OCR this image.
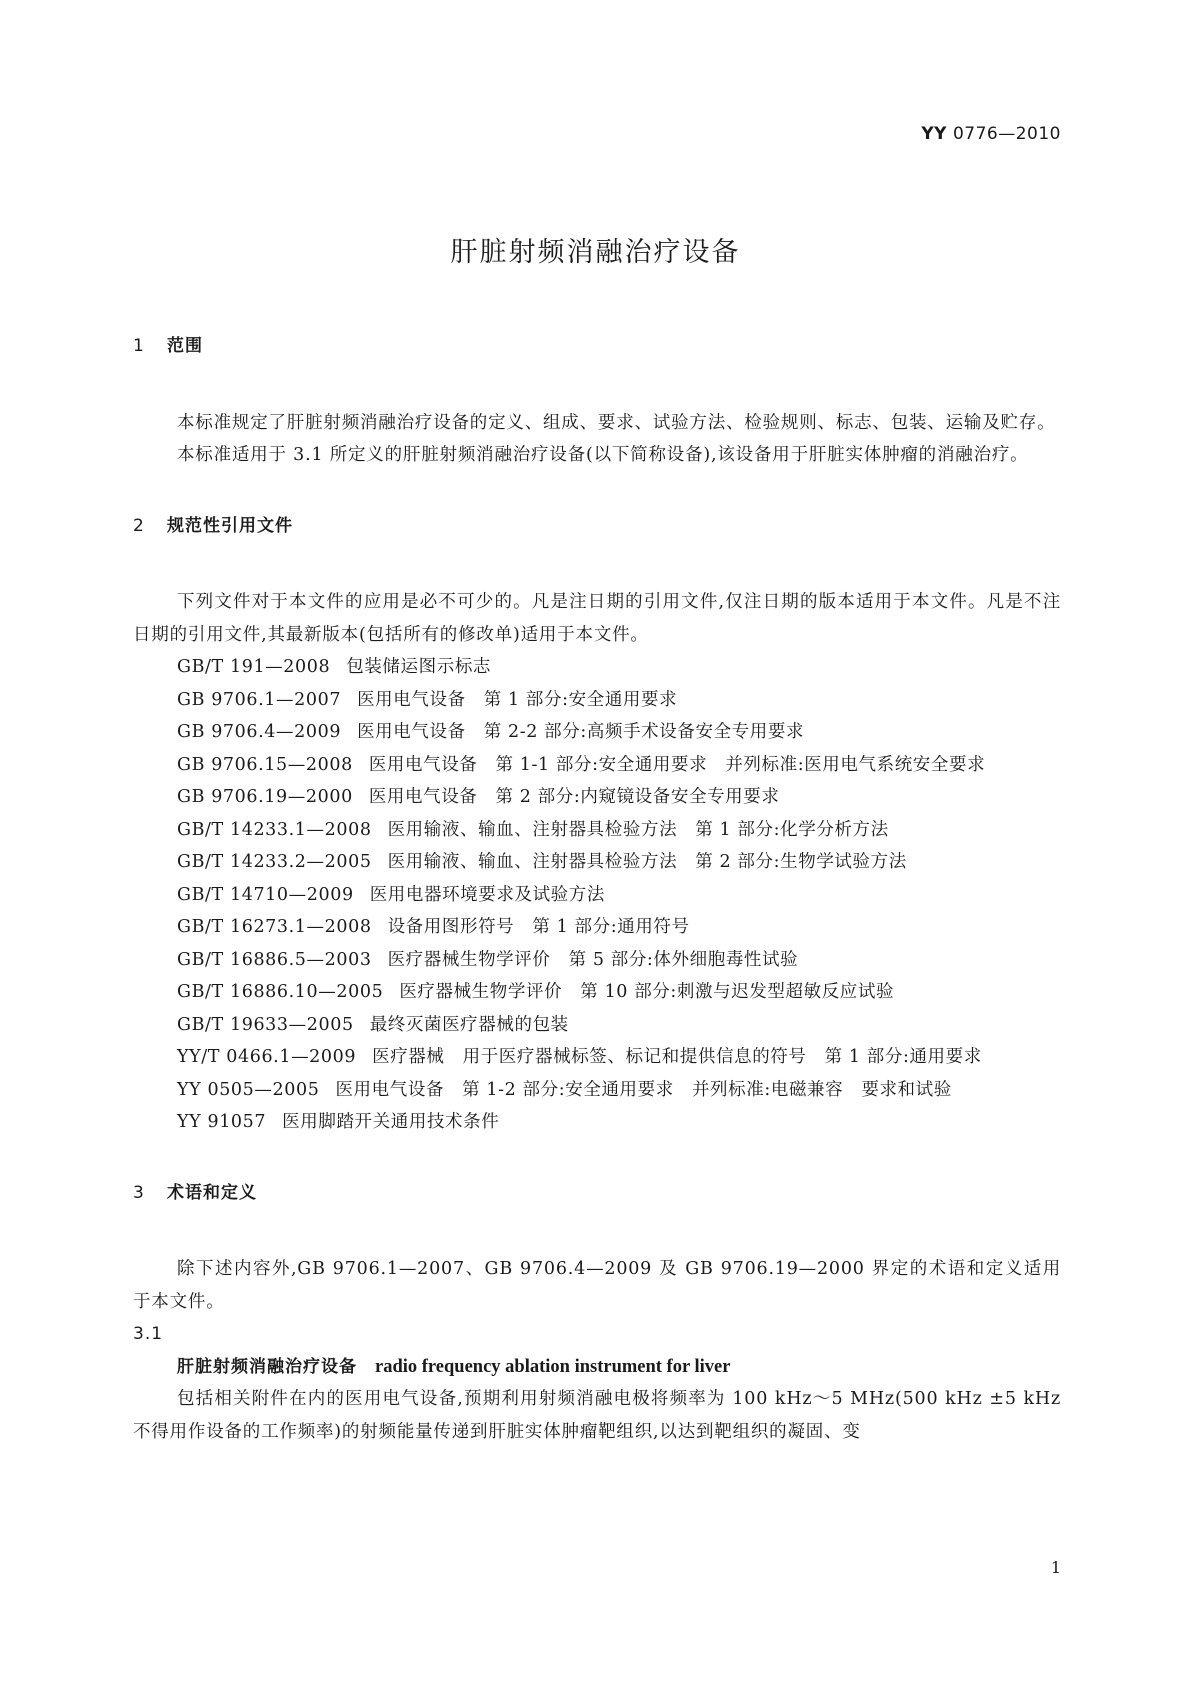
YY 0776—2010
肝脏射频消融治疗设备
1 范围

本标准规定了肝脏射频消融治疗设备的定义、组成、要求、试验方法、检验规则、标志、包装、运输及贮存。

本标准适用于 3.1 所定义的肝脏射频消融治疗设备(以下简称设备),该设备用于肝脏实体肿瘤的消融治疗。

2 规范性引用文件

下列文件对于本文件的应用是必不可少的。凡是注日期的引用文件,仅注日期的版本适用于本文件。凡是不注日期的引用文件,其最新版本(包括所有的修改单)适用于本文件。

GB/T 191—2008 包装储运图示标志

GB 9706.1—2007 医用电气设备　第 1 部分:安全通用要求

GB 9706.4—2009 医用电气设备　第 2-2 部分:高频手术设备安全专用要求

GB 9706.15—2008 医用电气设备　第 1-1 部分:安全通用要求　并列标准:医用电气系统安全要求

GB 9706.19—2000 医用电气设备　第 2 部分:内窥镜设备安全专用要求

GB/T 14233.1—2008 医用输液、输血、注射器具检验方法　第 1 部分:化学分析方法

GB/T 14233.2—2005 医用输液、输血、注射器具检验方法　第 2 部分:生物学试验方法

GB/T 14710—2009 医用电器环境要求及试验方法

GB/T 16273.1—2008 设备用图形符号　第 1 部分:通用符号

GB/T 16886.5—2003 医疗器械生物学评价　第 5 部分:体外细胞毒性试验

GB/T 16886.10—2005 医疗器械生物学评价　第 10 部分:刺激与迟发型超敏反应试验

GB/T 19633—2005 最终灭菌医疗器械的包装

YY/T 0466.1—2009 医疗器械　用于医疗器械标签、标记和提供信息的符号　第 1 部分:通用要求

YY 0505—2005 医用电气设备　第 1-2 部分:安全通用要求　并列标准:电磁兼容　要求和试验

YY 91057 医用脚踏开关通用技术条件

3 术语和定义

除下述内容外,GB 9706.1—2007、GB 9706.4—2009 及 GB 9706.19—2000 界定的术语和定义适用于本文件。

3.1

肝脏射频消融治疗设备 radio frequency ablation instrument for liver

包括相关附件在内的医用电气设备,预期利用射频消融电极将频率为 100 kHz～5 MHz(500 kHz ±5 kHz 不得用作设备的工作频率)的射频能量传递到肝脏实体肿瘤靶组织,以达到靶组织的凝固、变

1
